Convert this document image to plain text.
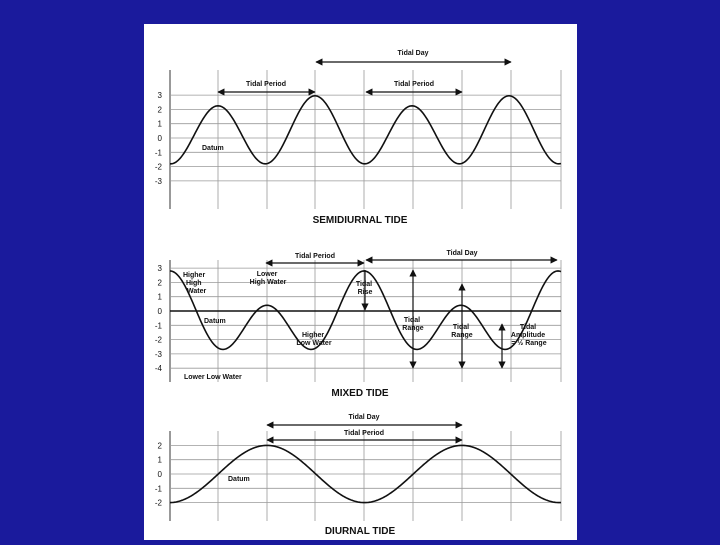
3
2
1
0
-1
-2
-3
Datum
Tidal Day
Tidal Period	Tidal Period
SEMIDIURNAL TIDE
3
2
1
0
-1
-2
-3
-4
Datum
Tidal Period	Tidal Day
Higher High Water
Lower High Water
Higher Low Water
Lower Low Water
Tidal Rise
Tidal Range	Tidal Range
Tidal Amplitude = ½ Range
MIXED TIDE
2
1
0
-1
-2
Datum
Tidal Day
Tidal Period
DIURNAL TIDE
